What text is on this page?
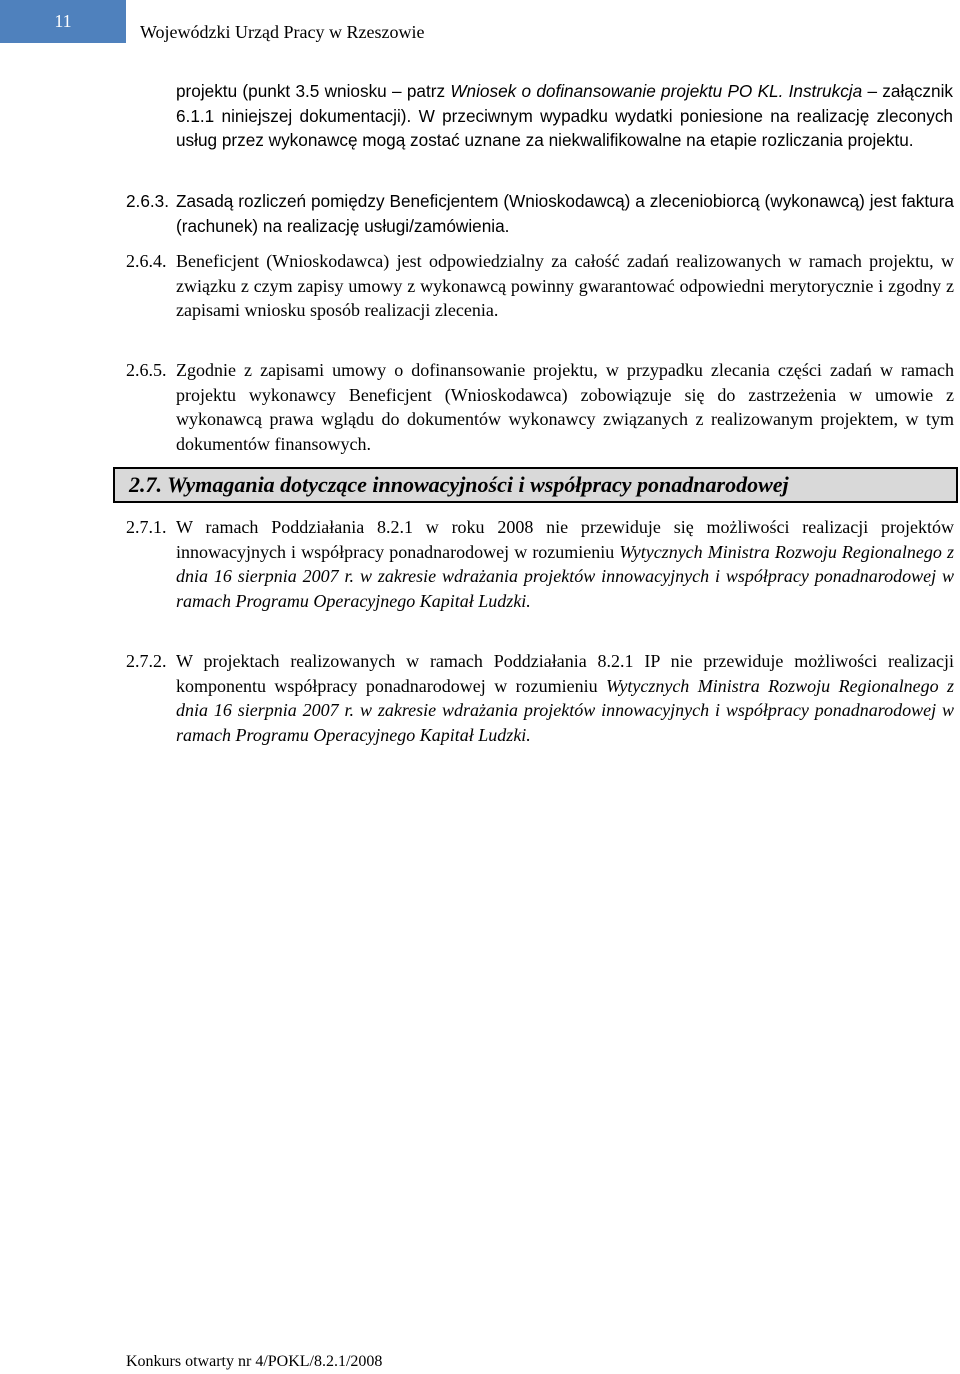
11
Wojewódzki Urząd Pracy w Rzeszowie
projektu (punkt 3.5 wniosku – patrz Wniosek o dofinansowanie projektu PO KL. Instrukcja – załącznik 6.1.1 niniejszej dokumentacji). W przeciwnym wypadku wydatki poniesione na realizację zleconych usług przez wykonawcę mogą zostać uznane za niekwalifikowalne na etapie rozliczania projektu.
2.6.3. Zasadą rozliczeń pomiędzy Beneficjentem (Wnioskodawcą) a zleceniobiorcą (wykonawcą) jest faktura (rachunek) na realizację usługi/zamówienia.
2.6.4. Beneficjent (Wnioskodawca) jest odpowiedzialny za całość zadań realizowanych w ramach projektu, w związku z czym zapisy umowy z wykonawcą powinny gwarantować odpowiedni merytorycznie i zgodny z zapisami wniosku sposób realizacji zlecenia.
2.6.5. Zgodnie z zapisami umowy o dofinansowanie projektu, w przypadku zlecania części zadań w ramach projektu wykonawcy Beneficjent (Wnioskodawca) zobowiązuje się do zastrzeżenia w umowie z wykonawcą prawa wglądu do dokumentów wykonawcy związanych z realizowanym projektem, w tym dokumentów finansowych.
2.7. Wymagania dotyczące innowacyjności i współpracy ponadnarodowej
2.7.1. W ramach Poddziałania 8.2.1 w roku 2008 nie przewiduje się możliwości realizacji projektów innowacyjnych i współpracy ponadnarodowej w rozumieniu Wytycznych Ministra Rozwoju Regionalnego z dnia 16 sierpnia 2007 r. w zakresie wdrażania projektów innowacyjnych i współpracy ponadnarodowej w ramach Programu Operacyjnego Kapitał Ludzki.
2.7.2. W projektach realizowanych w ramach Poddziałania 8.2.1 IP nie przewiduje możliwości realizacji komponentu współpracy ponadnarodowej w rozumieniu Wytycznych Ministra Rozwoju Regionalnego z dnia 16 sierpnia 2007 r. w zakresie wdrażania projektów innowacyjnych i współpracy ponadnarodowej w ramach Programu Operacyjnego Kapitał Ludzki.
Konkurs otwarty nr 4/POKL/8.2.1/2008
